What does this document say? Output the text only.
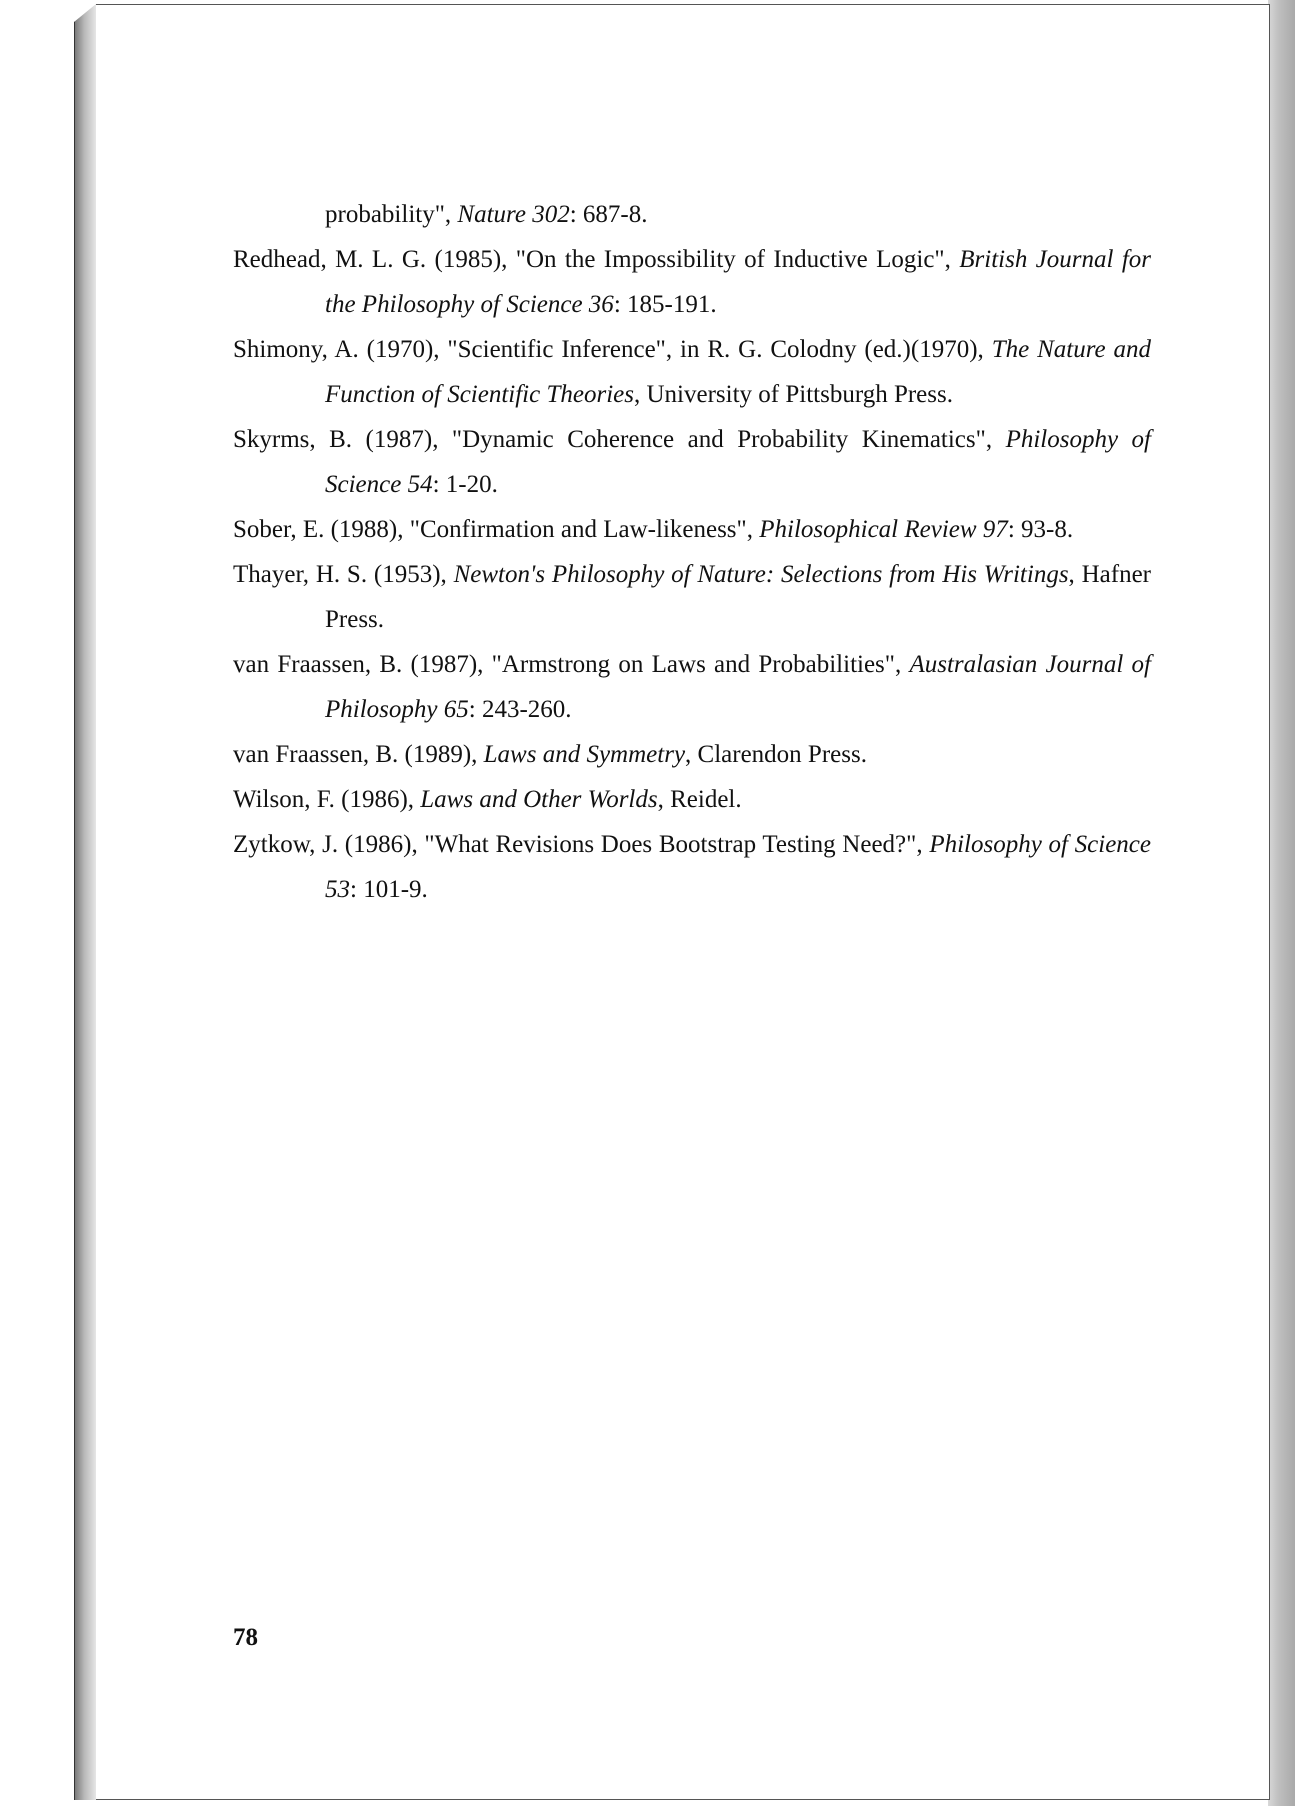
probability", Nature 302: 687-8.
Redhead, M. L. G. (1985), "On the Impossibility of Inductive Logic", British Journal for the Philosophy of Science 36: 185-191.
Shimony, A. (1970), "Scientific Inference", in R. G. Colodny (ed.)(1970), The Nature and Function of Scientific Theories, University of Pittsburgh Press.
Skyrms, B. (1987), "Dynamic Coherence and Probability Kinematics", Philosophy of Science 54: 1-20.
Sober, E. (1988), "Confirmation and Law-likeness", Philosophical Review 97: 93-8.
Thayer, H. S. (1953), Newton's Philosophy of Nature: Selections from His Writings, Hafner Press.
van Fraassen, B. (1987), "Armstrong on Laws and Probabilities", Australasian Journal of Philosophy 65: 243-260.
van Fraassen, B. (1989), Laws and Symmetry, Clarendon Press.
Wilson, F. (1986), Laws and Other Worlds, Reidel.
Zytkow, J. (1986), "What Revisions Does Bootstrap Testing Need?", Philosophy of Science 53: 101-9.
78
